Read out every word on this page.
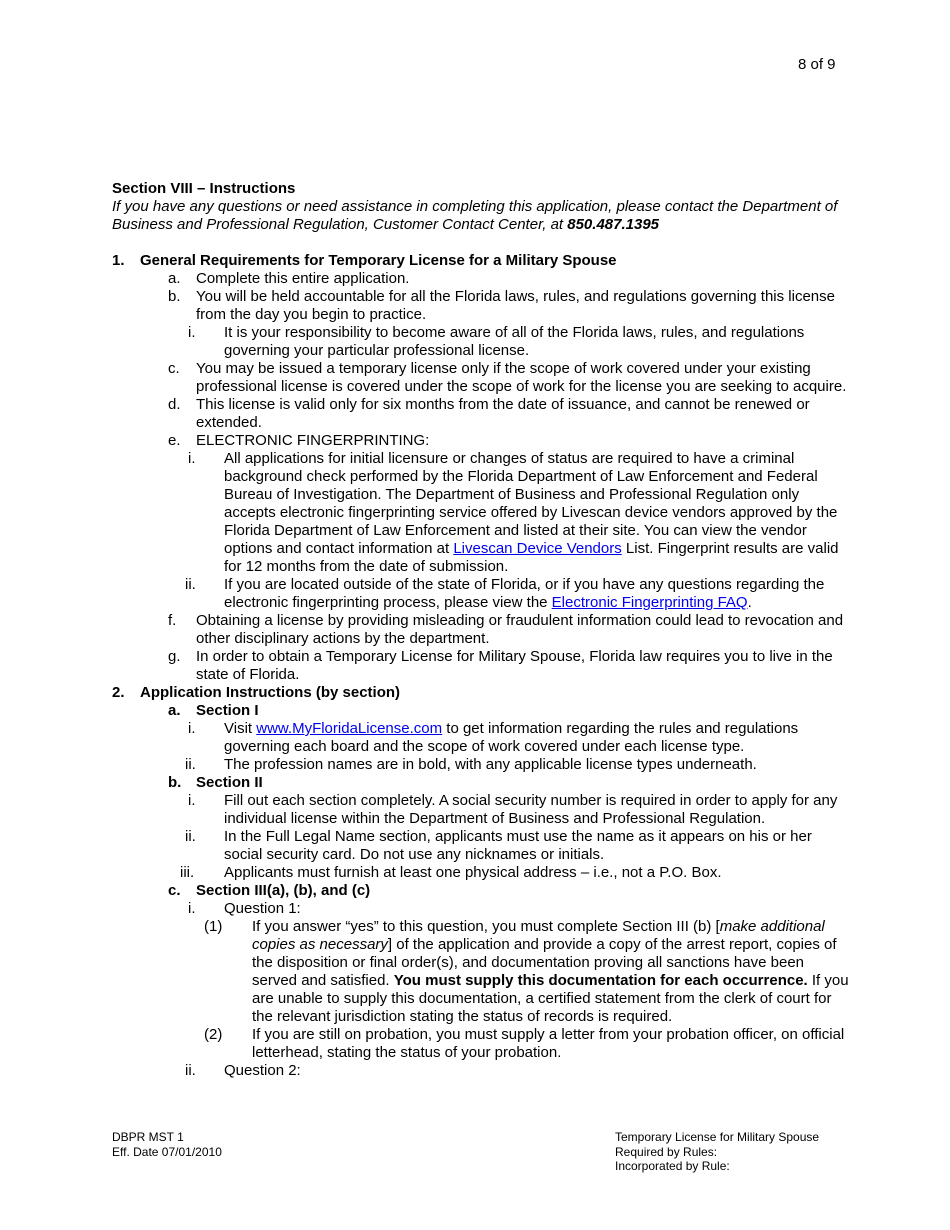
8 of 9
Section VIII – Instructions
If you have any questions or need assistance in completing this application, please contact the Department of Business and Professional Regulation, Customer Contact Center, at 850.487.1395
1. General Requirements for Temporary License for a Military Spouse
a. Complete this entire application.
b. You will be held accountable for all the Florida laws, rules, and regulations governing this license from the day you begin to practice.
i. It is your responsibility to become aware of all of the Florida laws, rules, and regulations governing your particular professional license.
c. You may be issued a temporary license only if the scope of work covered under your existing professional license is covered under the scope of work for the license you are seeking to acquire.
d. This license is valid only for six months from the date of issuance, and cannot be renewed or extended.
e. ELECTRONIC FINGERPRINTING:
i. All applications for initial licensure or changes of status are required to have a criminal background check performed by the Florida Department of Law Enforcement and Federal Bureau of Investigation. The Department of Business and Professional Regulation only accepts electronic fingerprinting service offered by Livescan device vendors approved by the Florida Department of Law Enforcement and listed at their site. You can view the vendor options and contact information at Livescan Device Vendors List. Fingerprint results are valid for 12 months from the date of submission.
ii. If you are located outside of the state of Florida, or if you have any questions regarding the electronic fingerprinting process, please view the Electronic Fingerprinting FAQ.
f. Obtaining a license by providing misleading or fraudulent information could lead to revocation and other disciplinary actions by the department.
g. In order to obtain a Temporary License for Military Spouse, Florida law requires you to live in the state of Florida.
2. Application Instructions (by section)
a. Section I
i. Visit www.MyFloridaLicense.com to get information regarding the rules and regulations governing each board and the scope of work covered under each license type.
ii. The profession names are in bold, with any applicable license types underneath.
b. Section II
i. Fill out each section completely. A social security number is required in order to apply for any individual license within the Department of Business and Professional Regulation.
ii. In the Full Legal Name section, applicants must use the name as it appears on his or her social security card. Do not use any nicknames or initials.
iii. Applicants must furnish at least one physical address – i.e., not a P.O. Box.
c. Section III(a), (b), and (c)
i. Question 1:
(1) If you answer “yes” to this question, you must complete Section III (b) [make additional copies as necessary] of the application and provide a copy of the arrest report, copies of the disposition or final order(s), and documentation proving all sanctions have been served and satisfied. You must supply this documentation for each occurrence. If you are unable to supply this documentation, a certified statement from the clerk of court for the relevant jurisdiction stating the status of records is required.
(2) If you are still on probation, you must supply a letter from your probation officer, on official letterhead, stating the status of your probation.
ii. Question 2:
DBPR MST 1
Eff. Date 07/01/2010
Temporary License for Military Spouse
Required by Rules:
Incorporated by Rule:
